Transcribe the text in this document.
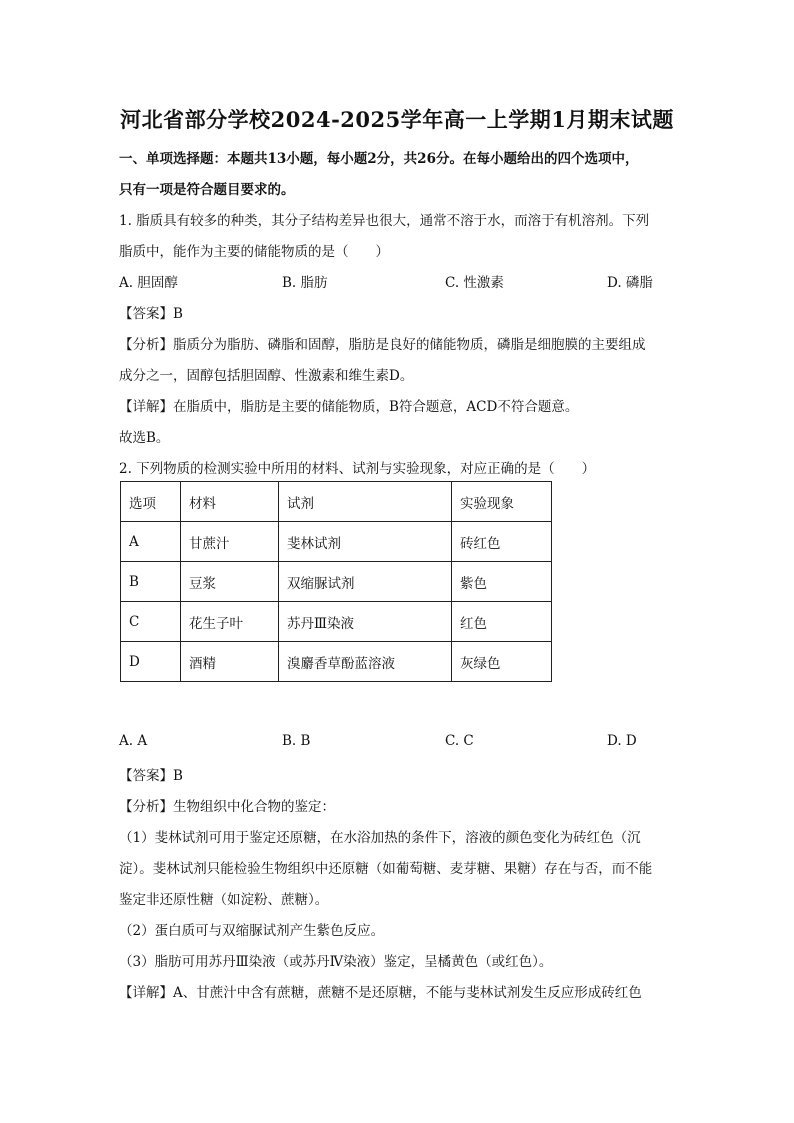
河北省部分学校2024-2025学年高一上学期1月期末试题
一、单项选择题：本题共13小题，每小题2分，共26分。在每小题给出的四个选项中，
只有一项是符合题目要求的。
1. 脂质具有较多的种类，其分子结构差异也很大，通常不溶于水，而溶于有机溶剂。下列
脂质中，能作为主要的储能物质的是（　　）
A. 胆固醇	B. 脂肪	C. 性激素	D. 磷脂
【答案】B
【分析】脂质分为脂肪、磷脂和固醇，脂肪是良好的储能物质，磷脂是细胞膜的主要组成
成分之一，固醇包括胆固醇、性激素和维生素D。
【详解】在脂质中，脂肪是主要的储能物质，B符合题意，ACD不符合题意。
故选B。
2. 下列物质的检测实验中所用的材料、试剂与实验现象，对应正确的是（　　）
选项	材料	试剂	实验现象
A	甘蔗汁	斐林试剂	砖红色
B	豆浆	双缩脲试剂	紫色
C	花生子叶	苏丹Ⅲ染液	红色
D	酒精	溴麝香草酚蓝溶液	灰绿色
A. A	B. B	C. C	D. D
【答案】B
【分析】生物组织中化合物的鉴定：
（1）斐林试剂可用于鉴定还原糖，在水浴加热的条件下，溶液的颜色变化为砖红色（沉
淀）。斐林试剂只能检验生物组织中还原糖（如葡萄糖、麦芽糖、果糖）存在与否，而不能
鉴定非还原性糖（如淀粉、蔗糖）。
（2）蛋白质可与双缩脲试剂产生紫色反应。
（3）脂肪可用苏丹Ⅲ染液（或苏丹Ⅳ染液）鉴定，呈橘黄色（或红色）。
【详解】A、甘蔗汁中含有蔗糖，蔗糖不是还原糖，不能与斐林试剂发生反应形成砖红色
